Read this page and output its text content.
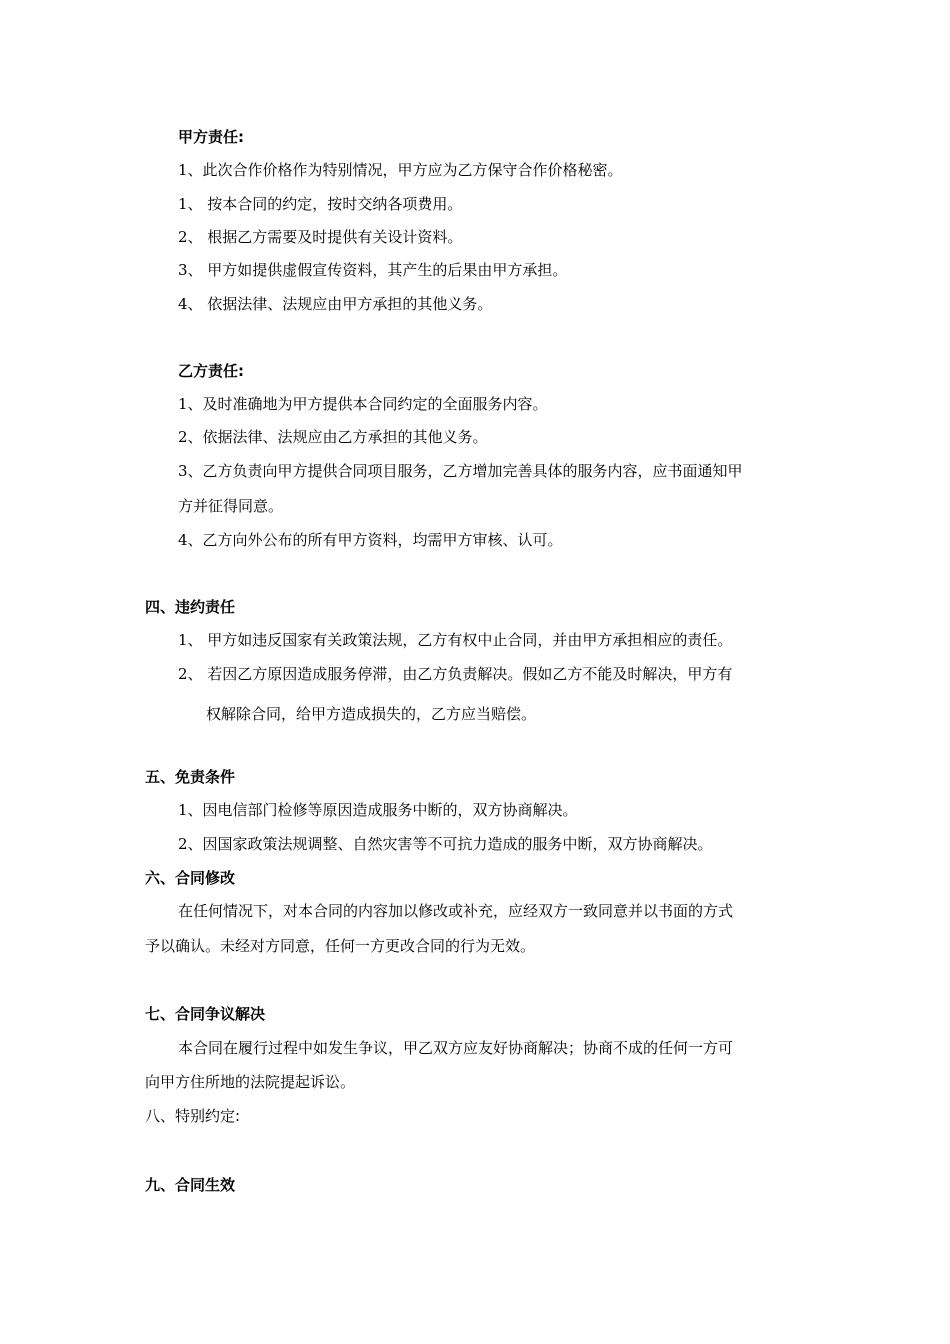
甲方责任:
1、此次合作价格作为特别情况，甲方应为乙方保守合作价格秘密。
1、 按本合同的约定，按时交纳各项费用。
2、 根据乙方需要及时提供有关设计资料。
3、 甲方如提供虚假宣传资料，其产生的后果由甲方承担。
4、 依据法律、法规应由甲方承担的其他义务。
乙方责任:
1、及时准确地为甲方提供本合同约定的全面服务内容。
2、依据法律、法规应由乙方承担的其他义务。
3、乙方负责向甲方提供合同项目服务，乙方增加完善具体的服务内容，应书面通知甲
方并征得同意。
4、乙方向外公布的所有甲方资料，均需甲方审核、认可。
四、违约责任
1、 甲方如违反国家有关政策法规，乙方有权中止合同，并由甲方承担相应的责任。
2、 若因乙方原因造成服务停滞，由乙方负责解决。假如乙方不能及时解决，甲方有
权解除合同，给甲方造成损失的，乙方应当赔偿。
五、免责条件
1、因电信部门检修等原因造成服务中断的，双方协商解决。
2、因国家政策法规调整、自然灾害等不可抗力造成的服务中断，双方协商解决。
六、合同修改
在任何情况下，对本合同的内容加以修改或补充，应经双方一致同意并以书面的方式
予以确认。未经对方同意，任何一方更改合同的行为无效。
七、合同争议解决
本合同在履行过程中如发生争议，甲乙双方应友好协商解决；协商不成的任何一方可
向甲方住所地的法院提起诉讼。
八、特别约定:
九、合同生效
